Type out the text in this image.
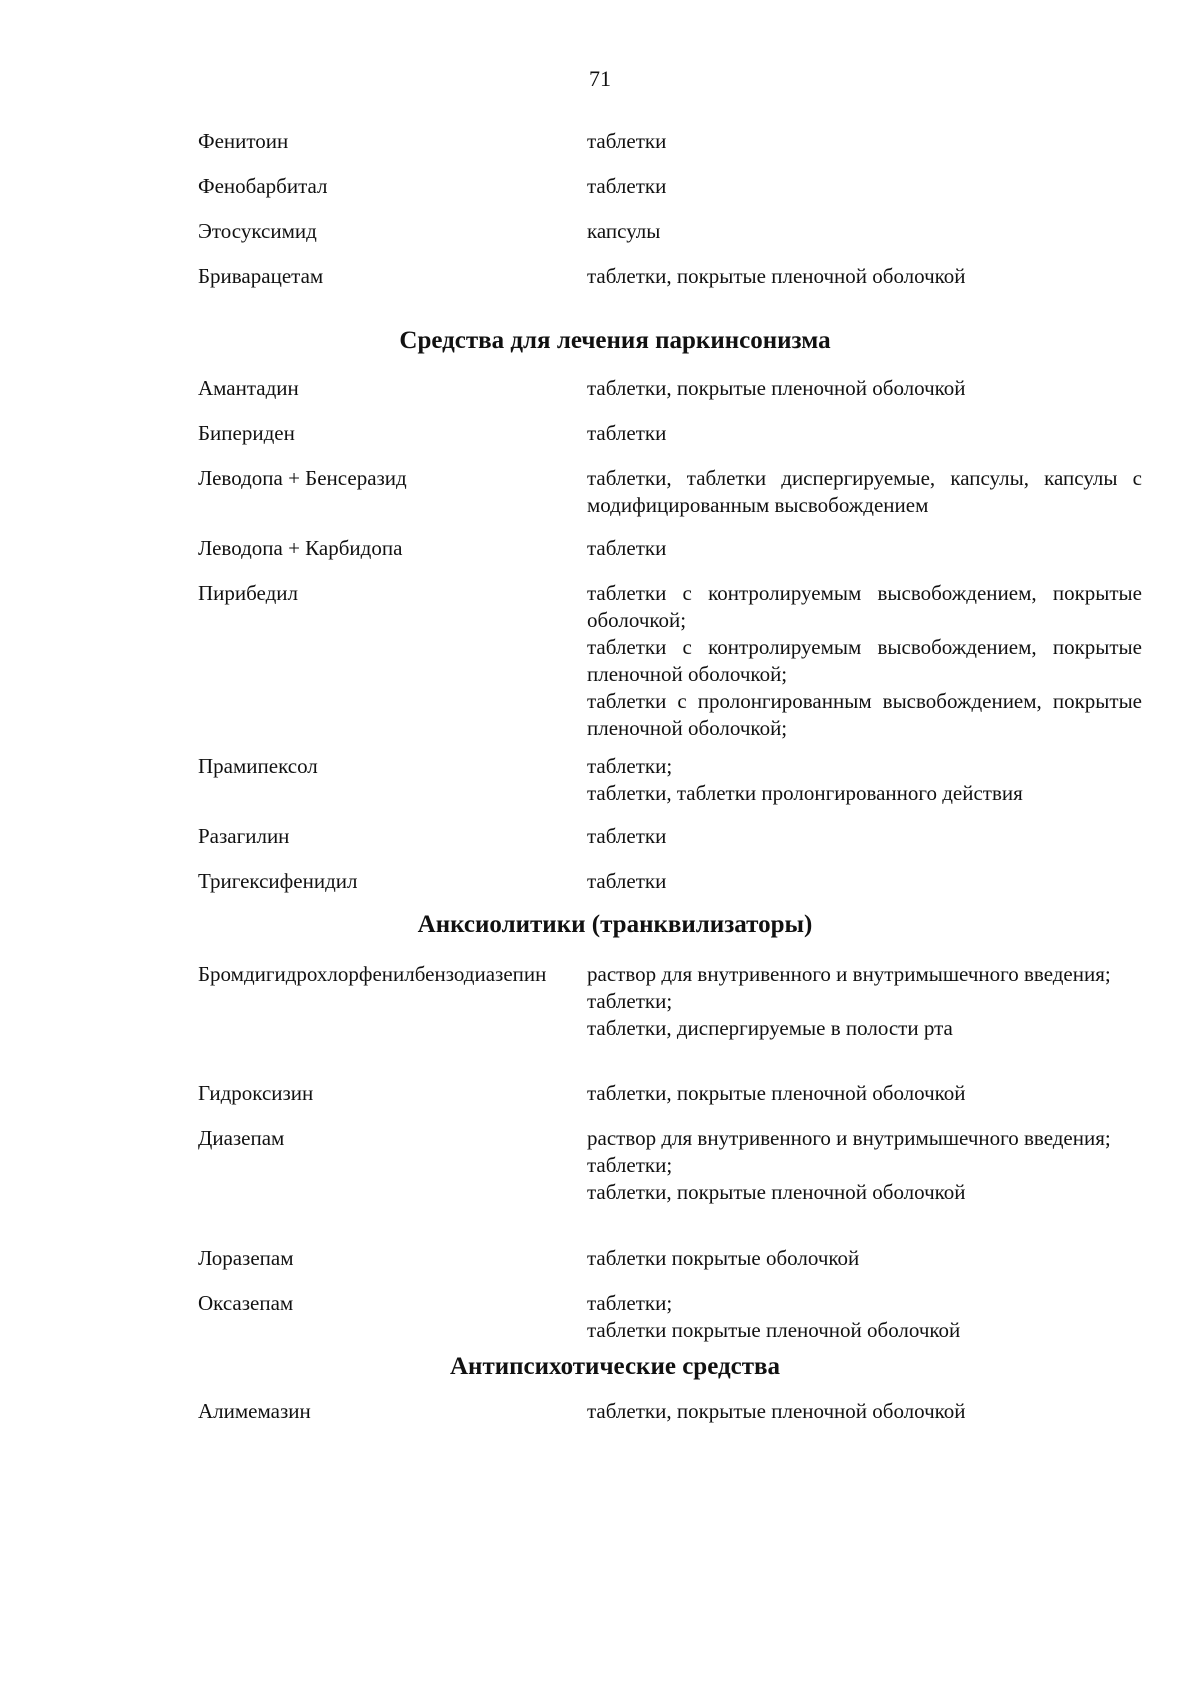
71
Фенитоин	таблетки
Фенобарбитал	таблетки
Этосуксимид	капсулы
Бриварацетам	таблетки, покрытые пленочной оболочкой
Средства для лечения паркинсонизма
Амантадин	таблетки, покрытые пленочной оболочкой
Бипериден	таблетки
Леводопа + Бенсеразид	таблетки, таблетки диспергируемые, капсулы, капсулы с модифицированным высвобождением
Леводопа + Карбидопа	таблетки
Пирибедил	таблетки с контролируемым высвобождением, покрытые оболочкой;
таблетки с контролируемым высвобождением, покрытые пленочной оболочкой;
таблетки с пролонгированным высвобождением, покрытые пленочной оболочкой;
Прамипексол	таблетки;
таблетки, таблетки пролонгированного действия
Разагилин	таблетки
Тригексифенидил	таблетки
Анксиолитики (транквилизаторы)
Бромдигидрохлорфенилбензодиазепин	раствор для внутривенного и внутримышечного введения;
таблетки;
таблетки, диспергируемые в полости рта
Гидроксизин	таблетки, покрытые пленочной оболочкой
Диазепам	раствор для внутривенного и внутримышечного введения;
таблетки;
таблетки, покрытые пленочной оболочкой
Лоразепам	таблетки покрытые оболочкой
Оксазепам	таблетки;
таблетки покрытые пленочной оболочкой
Антипсихотические средства
Алимемазин	таблетки, покрытые пленочной оболочкой
